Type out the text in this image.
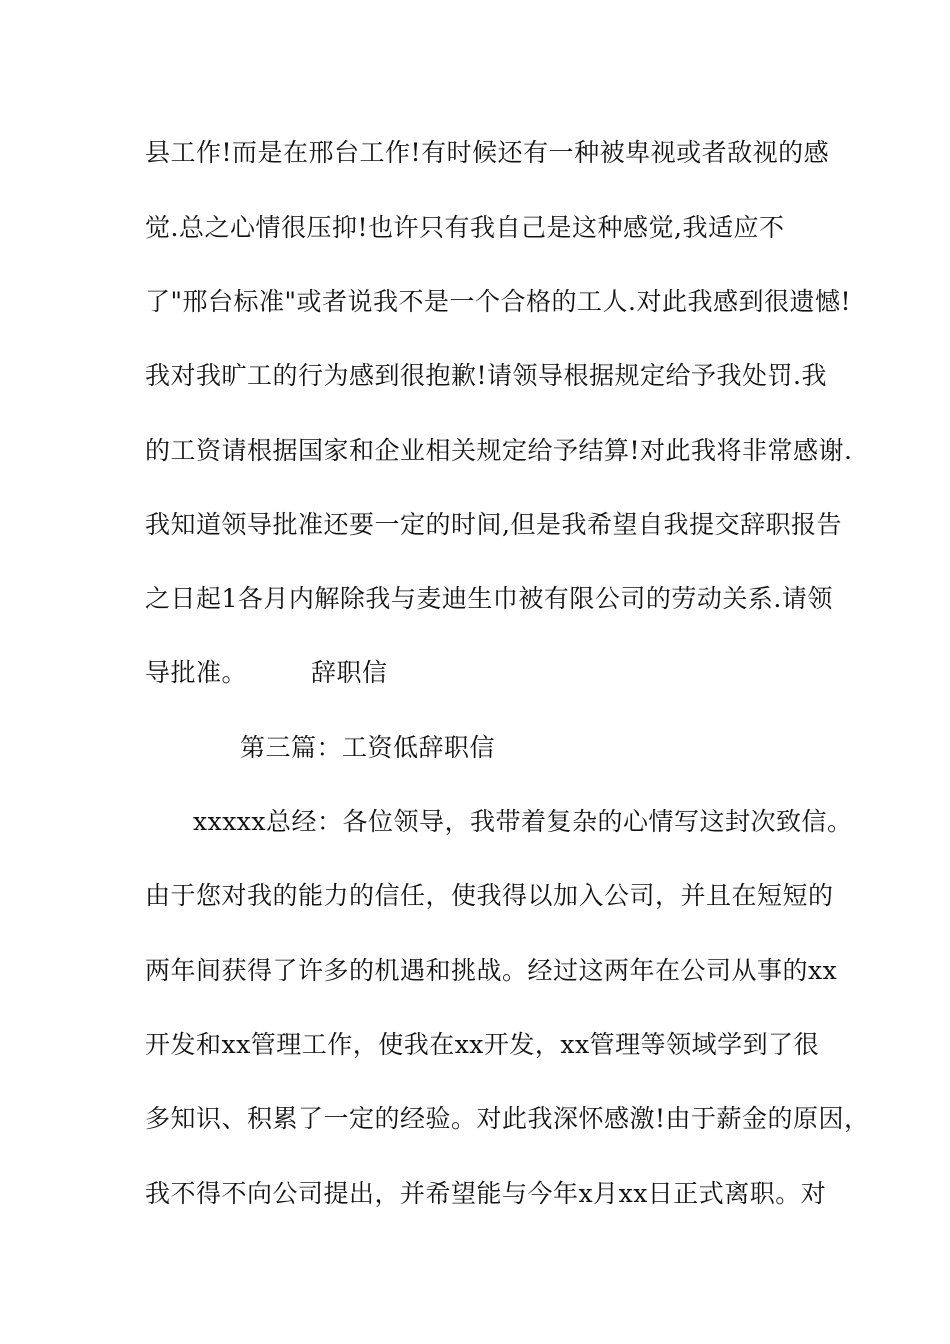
县工作!而是在邢台工作!有时候还有一种被卑视或者敌视的感
觉.总之心情很压抑!也许只有我自己是这种感觉,我适应不
了"邢台标准"或者说我不是一个合格的工人.对此我感到很遗憾!
我对我旷工的行为感到很抱歉!请领导根据规定给予我处罚.我
的工资请根据国家和企业相关规定给予结算!对此我将非常感谢.
我知道领导批准还要一定的时间,但是我希望自我提交辞职报告
之日起1各月内解除我与麦迪生巾被有限公司的劳动关系.请领
导批准。	辞职信
第三篇：工资低辞职信
xxxxx总经：各位领导，我带着复杂的心情写这封次致信。
由于您对我的能力的信任，使我得以加入公司，并且在短短的
两年间获得了许多的机遇和挑战。经过这两年在公司从事的xx
开发和xx管理工作，使我在xx开发，xx管理等领域学到了很
多知识、积累了一定的经验。对此我深怀感激!由于薪金的原因，
我不得不向公司提出，并希望能与今年x月xx日正式离职。对
